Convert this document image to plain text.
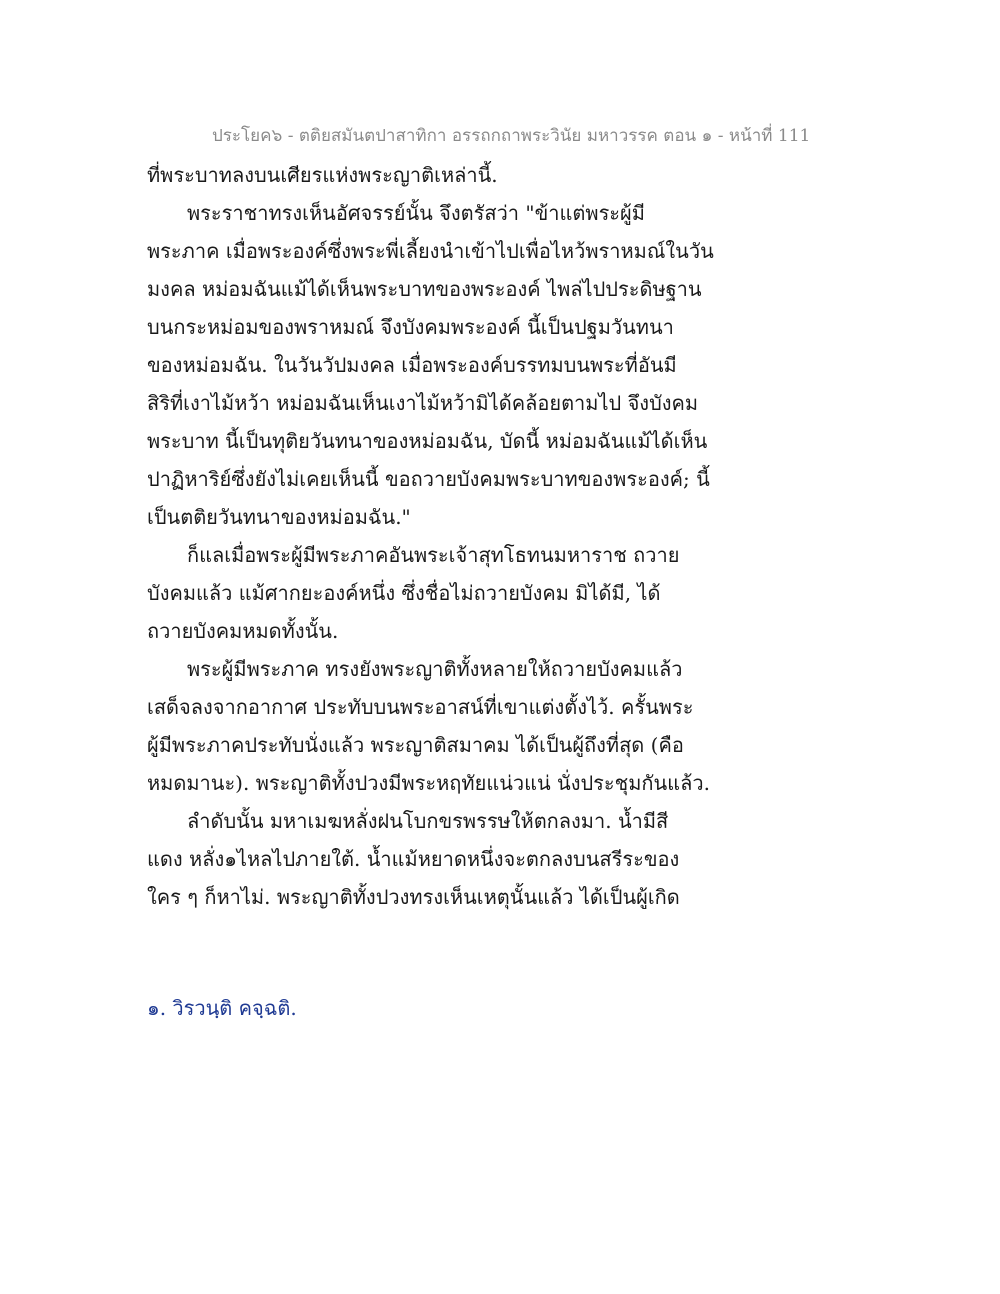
ประโยค๖ - ตติยสมันตปาสาทิกา อรรถกถาพระวินัย มหาวรรค ตอน ๑ - หน้าที่ 111
ที่พระบาทลงบนเศียรแห่งพระญาติเหล่านี้.
พระราชาทรงเห็นอัศจรรย์นั้น จึงตรัสว่า "ข้าแต่พระผู้มี
พระภาค เมื่อพระองค์ซึ่งพระพี่เลี้ยงนำเข้าไปเพื่อไหว้พราหมณ์ในวัน
มงคล หม่อมฉันแม้ได้เห็นพระบาทของพระองค์ ไพล่ไปประดิษฐาน
บนกระหม่อมของพราหมณ์ จึงบังคมพระองค์ นี้เป็นปฐมวันทนา
ของหม่อมฉัน. ในวันวัปมงคล เมื่อพระองค์บรรทมบนพระที่อันมี
สิริที่เงาไม้หว้า หม่อมฉันเห็นเงาไม้หว้ามิได้คล้อยตามไป จึงบังคม
พระบาท นี้เป็นทุติยวันทนาของหม่อมฉัน, บัดนี้ หม่อมฉันแม้ได้เห็น
ปาฏิหาริย์ซึ่งยังไม่เคยเห็นนี้ ขอถวายบังคมพระบาทของพระองค์; นี้
เป็นตติยวันทนาของหม่อมฉัน."
ก็แลเมื่อพระผู้มีพระภาคอันพระเจ้าสุทโธทนมหาราช ถวาย
บังคมแล้ว แม้ศากยะองค์หนึ่ง ซึ่งชื่อไม่ถวายบังคม มิได้มี, ได้
ถวายบังคมหมดทั้งนั้น.
พระผู้มีพระภาค ทรงยังพระญาติทั้งหลายให้ถวายบังคมแล้ว
เสด็จลงจากอากาศ ประทับบนพระอาสน์ที่เขาแต่งตั้งไว้. ครั้นพระ
ผู้มีพระภาคประทับนั่งแล้ว พระญาติสมาคม ได้เป็นผู้ถึงที่สุด (คือ
หมดมานะ). พระญาติทั้งปวงมีพระหฤทัยแน่วแน่ นั่งประชุมกันแล้ว.
ลำดับนั้น มหาเมฆหลั่งฝนโบกขรพรรษให้ตกลงมา. น้ำมีสี
แดง หลั่ง๑ไหลไปภายใต้. น้ำแม้หยาดหนึ่งจะตกลงบนสรีระของ
ใคร ๆ ก็หาไม่. พระญาติทั้งปวงทรงเห็นเหตุนั้นแล้ว ได้เป็นผู้เกิด
๑. วิรวนฺติ คจฺฉติ.
